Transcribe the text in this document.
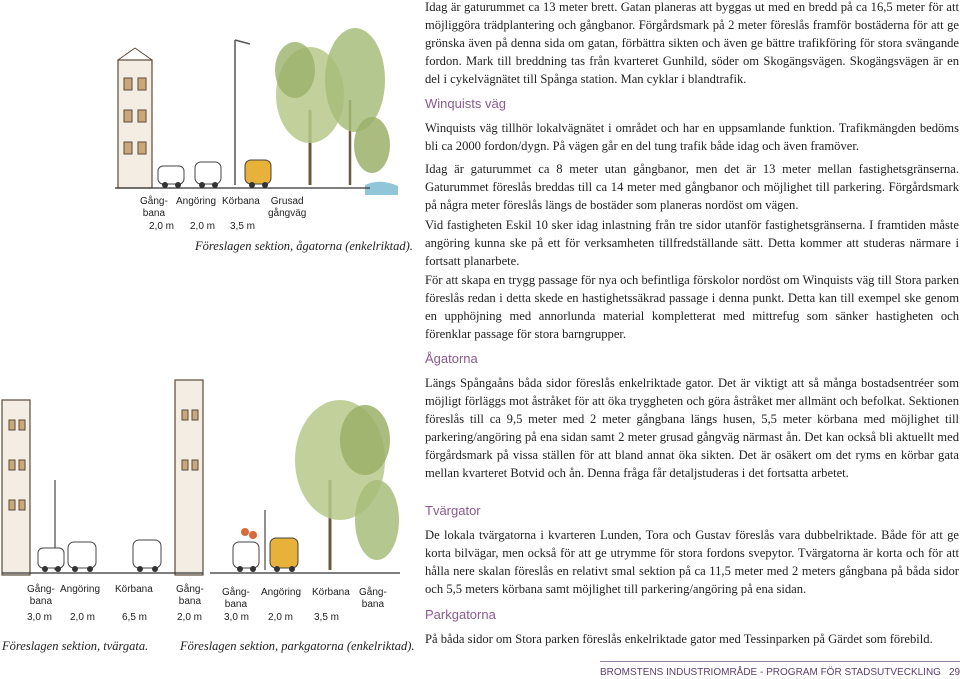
Gång-
bana
Angöring Körbana Grusad
gångväg
2,0 m 2,0 m 3,5 m
Föreslagen sektion, ågatorna (enkelriktad).
Gång-
bana
Angöring Körbana Gång-
bana
3,0 m 2,0 m	6,5 m	2,0 m
Föreslagen sektion, tvärgata.
Gång-
bana
Angöring Körbana Gång-
bana
3,0 m 2,0 m 3,5 m
Föreslagen sektion, parkgatorna (enkelriktad).

Idag är gaturummet ca 13 meter brett. Gatan planeras att byggas ut med en bredd på ca 16,5 meter för att möjliggöra trädplantering och gångbanor. Förgårdsmark på 2 meter föreslås framför bostäderna för att ge grönska även på denna sida om gatan, förbättra sikten och även ge bättre trafikföring för stora svängande fordon. Mark till breddning tas från kvarteret Gunhild, söder om Skogängsvägen. Skogängsvägen är en del i cykelvägnätet till Spånga station. Man cyklar i blandtrafik.

Winquists väg

Winquists väg tillhör lokalvägnätet i området och har en uppsamlande funktion. Trafikmängden bedöms bli ca 2000 fordon/dygn. På vägen går en del tung trafik både idag och även framöver.

Idag är gaturummet ca 8 meter utan gångbanor, men det är 13 meter mellan fastighetsgränserna. Gaturummet föreslås breddas till ca 14 meter med gångbanor och möjlighet till parkering. Förgårdsmark på några meter föreslås längs de bostäder som planeras nordöst om vägen.

Vid fastigheten Eskil 10 sker idag inlastning från tre sidor utanför fastighetsgränserna. I framtiden måste angöring kunna ske på ett för verksamheten tillfredställande sätt. Detta kommer att studeras närmare i fortsatt planarbete.

För att skapa en trygg passage för nya och befintliga förskolor nordöst om Winquists väg till Stora parken föreslås redan i detta skede en hastighetssäkrad passage i denna punkt. Detta kan till exempel ske genom en upphöjning med annorlunda material kompletterat med mittrefug som sänker hastigheten och förenklar passage för stora barngrupper.

Ågatorna

Längs Spångaåns båda sidor föreslås enkelriktade gator. Det är viktigt att så många bostadsentréer som möjligt förläggs mot åstråket för att öka tryggheten och göra åstråket mer allmänt och befolkat. Sektionen föreslås till ca 9,5 meter med 2 meter gångbana längs husen, 5,5 meter körbana med möjlighet till parkering/angöring på ena sidan samt 2 meter grusad gångväg närmast ån. Det kan också bli aktuellt med förgårdsmark på vissa ställen för att bland annat öka sikten. Det är osäkert om det ryms en körbar gata mellan kvarteret Botvid och ån. Denna fråga får detaljstuderas i det fortsatta arbetet.

Tvärgator

De lokala tvärgatorna i kvarteren Lunden, Tora och Gustav föreslås vara dubbelriktade. Både för att ge korta bilvägar, men också för att ge utrymme för stora fordons svepytor. Tvärgatorna är korta och för att hålla nere skalan föreslås en relativt smal sektion på ca 11,5 meter med 2 meters gångbana på båda sidor och 5,5 meters körbana samt möjlighet till parkering/angöring på ena sidan.

Parkgatorna

På båda sidor om Stora parken föreslås enkelriktade gator med Tessinparken på Gärdet som förebild.

BROMSTENS INDUSTRIOMRÅDE - PROGRAM FÖR STADSUTVECKLING 29
